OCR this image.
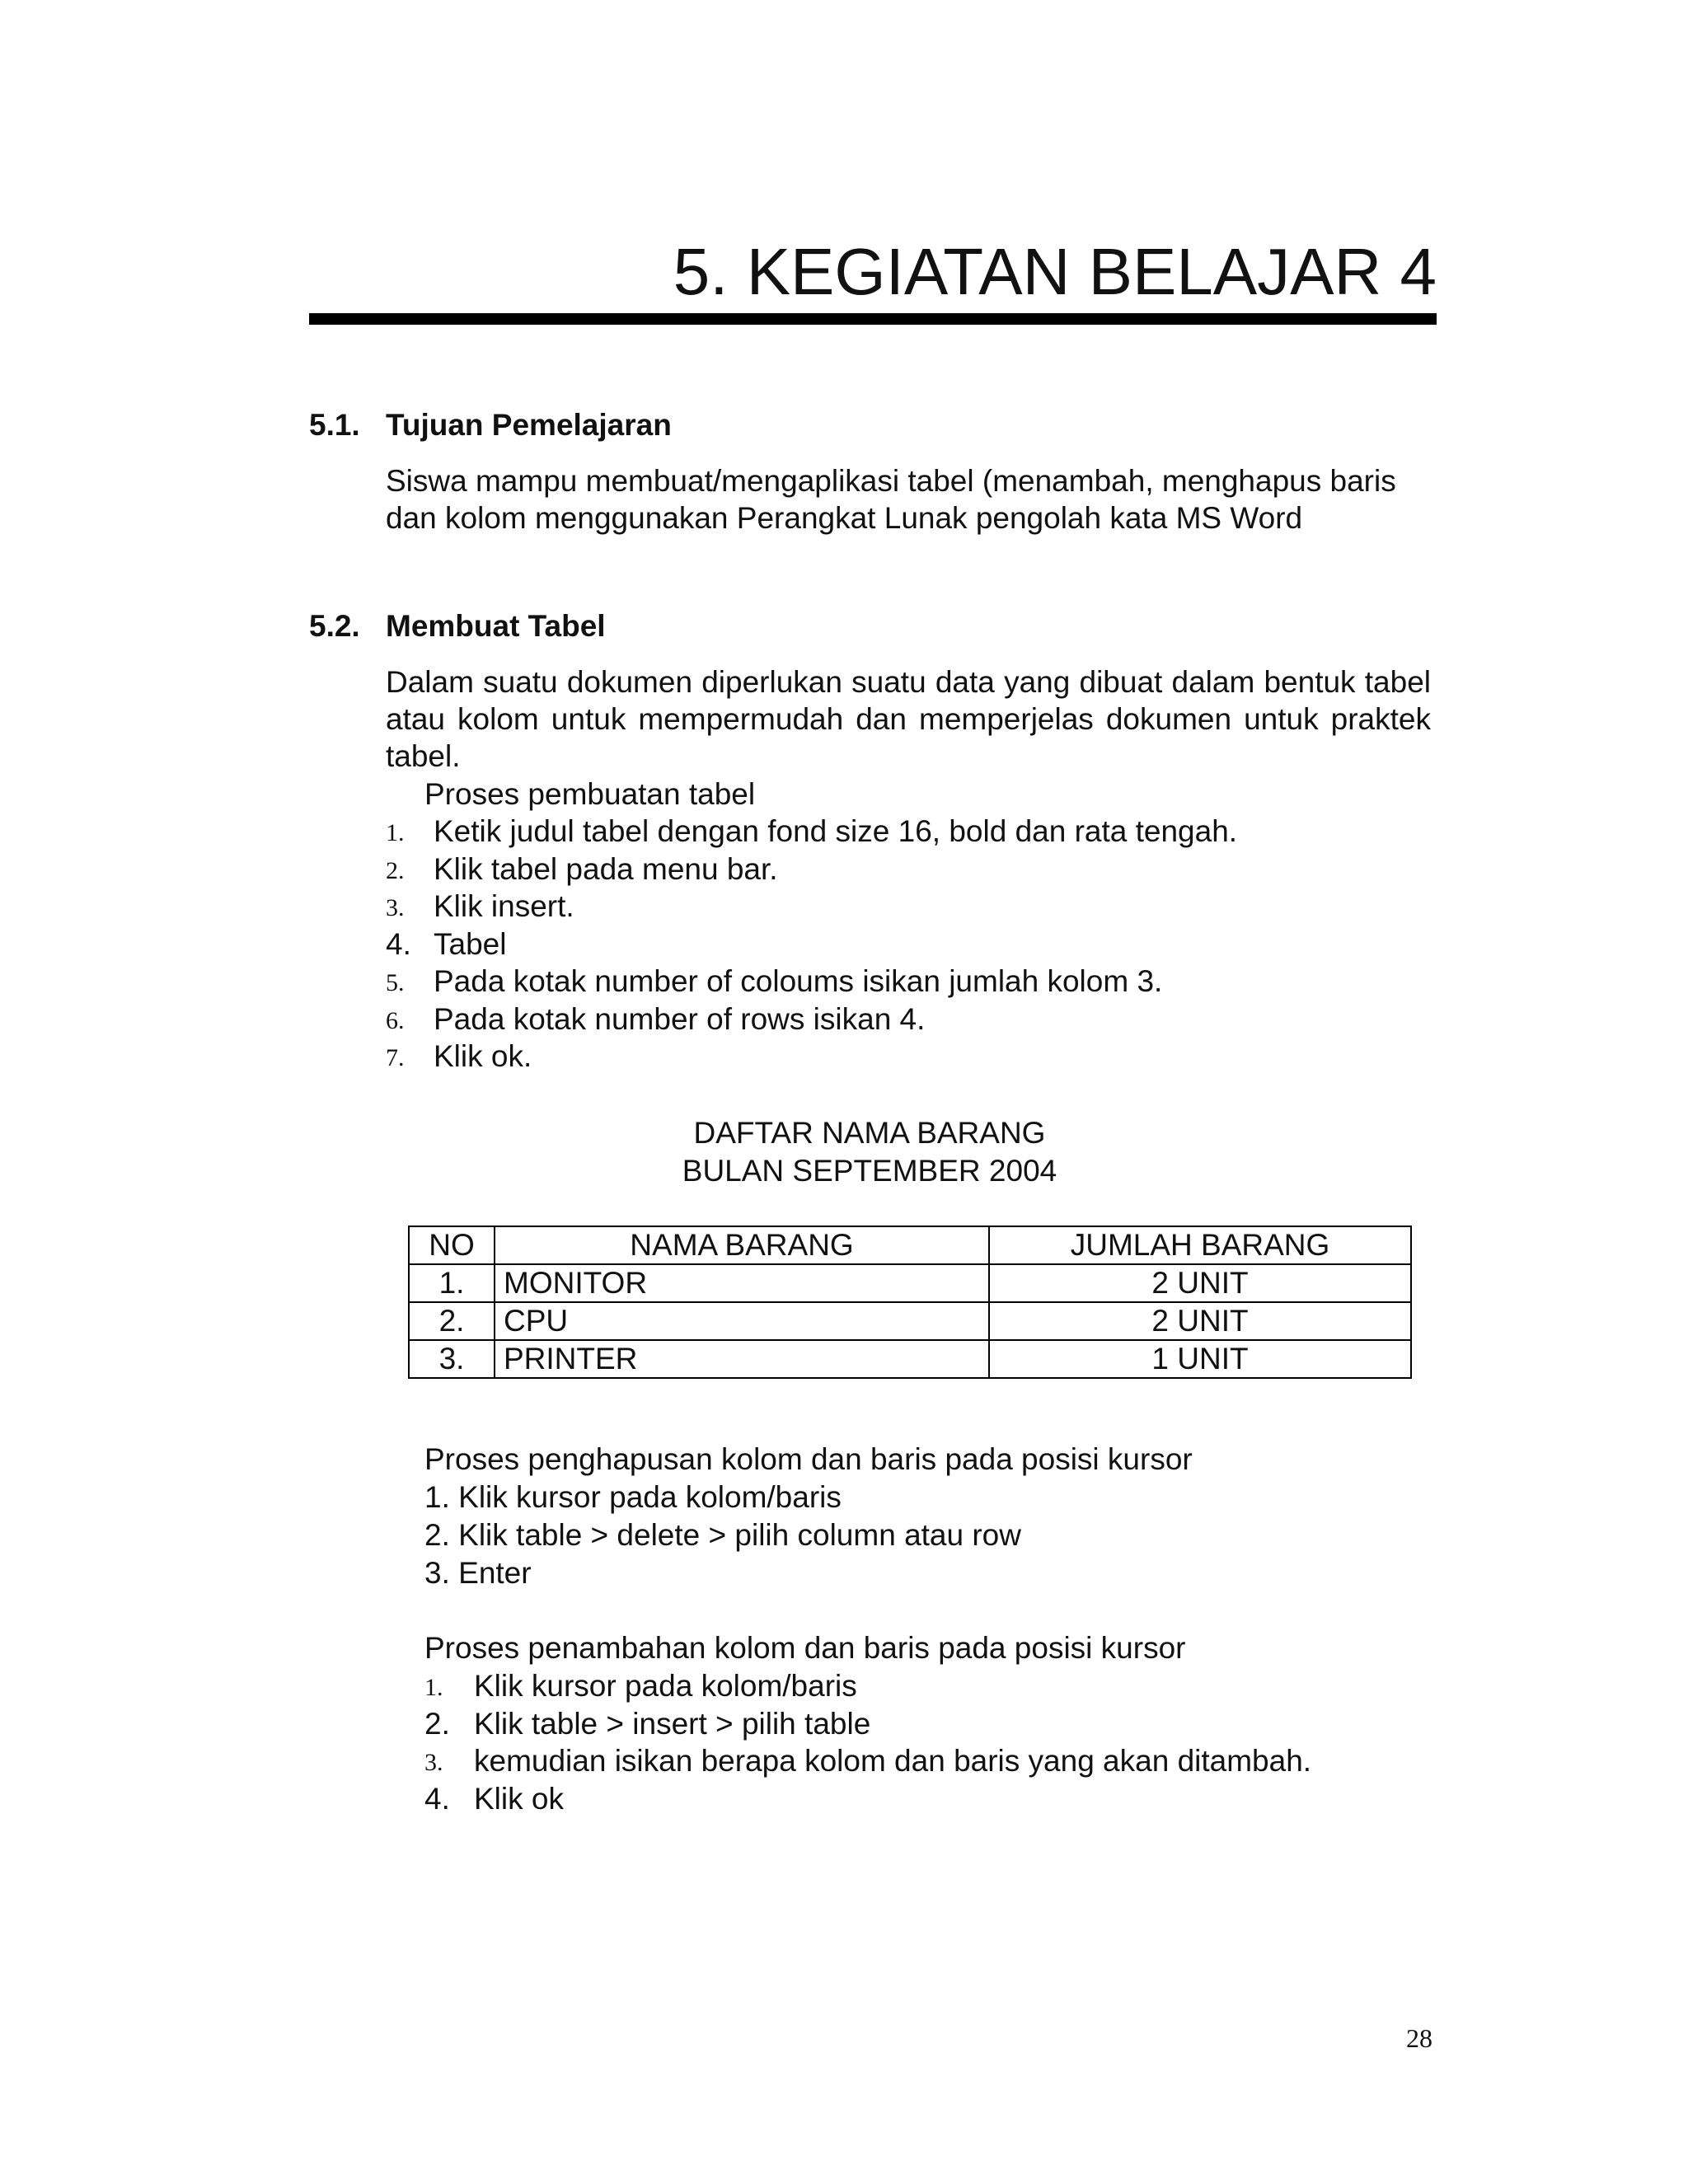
5. KEGIATAN BELAJAR 4
5.1. Tujuan Pemelajaran
Siswa mampu membuat/mengaplikasi tabel (menambah, menghapus baris dan kolom menggunakan Perangkat Lunak pengolah kata MS Word
5.2. Membuat Tabel
Dalam suatu dokumen diperlukan suatu data yang dibuat dalam bentuk tabel atau kolom untuk mempermudah dan memperjelas dokumen untuk praktek tabel.
Proses pembuatan tabel
1. Ketik judul tabel dengan fond size 16, bold dan rata tengah.
2. Klik tabel pada menu bar.
3. Klik insert.
4. Tabel
5. Pada kotak number of coloums isikan jumlah kolom 3.
6. Pada kotak number of rows isikan 4.
7. Klik ok.
DAFTAR NAMA BARANG
BULAN SEPTEMBER 2004
NO	NAMA BARANG	JUMLAH BARANG
1.	MONITOR	2 UNIT
2.	CPU	2 UNIT
3.	PRINTER	1 UNIT
Proses penghapusan kolom dan baris pada posisi kursor
1. Klik kursor pada kolom/baris
2. Klik table > delete > pilih column atau row
3. Enter
Proses penambahan kolom dan baris pada posisi kursor
1. Klik kursor pada kolom/baris
2. Klik table > insert > pilih table
3. kemudian isikan berapa kolom dan baris yang akan ditambah.
4. Klik ok
28
